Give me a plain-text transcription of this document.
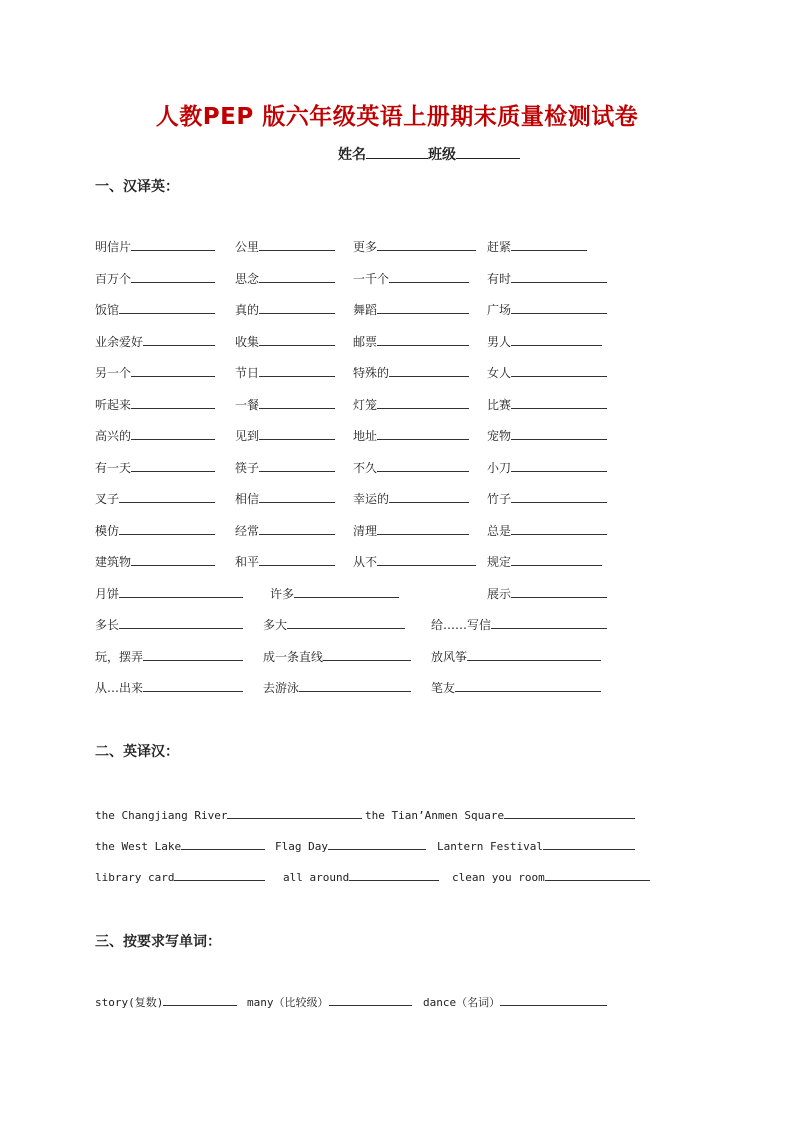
人教PEP 版六年级英语上册期末质量检测试卷
姓名	班级
一、汉译英：
明信片	公里	更多	赶紧
百万个	思念	一千个	有时
饭馆	真的	舞蹈	广场
业余爱好	收集	邮票	男人
另一个	节日	特殊的	女人
听起来	一餐	灯笼	比赛
高兴的	见到	地址	宠物
有一天	筷子	不久	小刀
叉子	相信	幸运的	竹子
模仿	经常	清理	总是
建筑物	和平	从不	规定
月饼	许多	展示
多长	多大	给……写信
玩，摆弄	成一条直线	放风筝
从…出来	去游泳	笔友
二、英译汉：
the Changjiang River	the Tian’Anmen Square
the West Lake	Flag Day	Lantern Festival
library card	all around	clean you room
三、按要求写单词：
story(复数)	many（比较级）	dance（名词）
